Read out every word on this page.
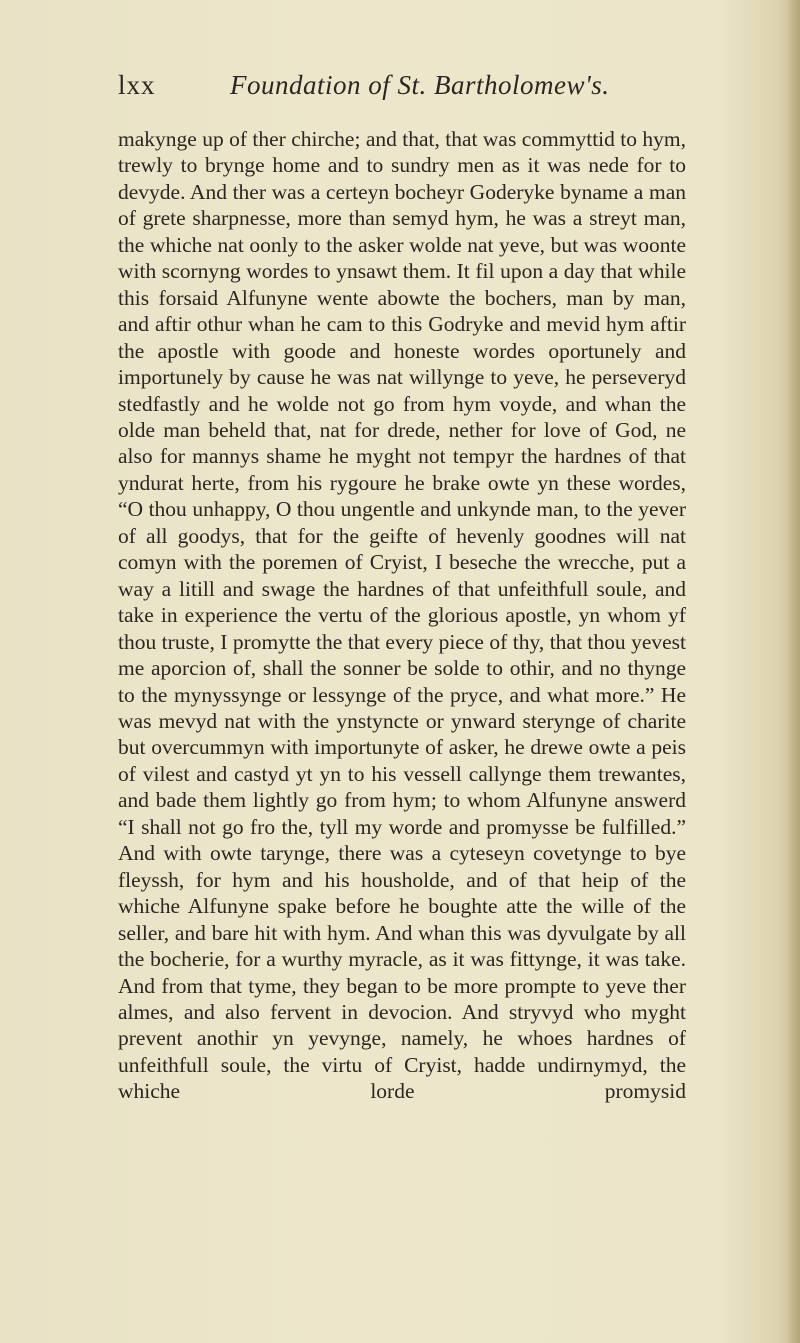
lxx	Foundation of St. Bartholomew's.

makynge up of ther chirche; and that, that was commyttid to hym, trewly to brynge home and to sundry men as it was nede for to devyde. And ther was a certeyn bocheyr Goderyke byname a man of grete sharpnesse, more than semyd hym, he was a streyt man, the whiche nat oonly to the asker wolde nat yeve, but was woonte with scornyng wordes to ynsawt them. It fil upon a day that while this forsaid Alfunyne wente abowte the bochers, man by man, and aftir othur whan he cam to this Godryke and mevid hym aftir the apostle with goode and honeste wordes oportunely and importunely by cause he was nat willynge to yeve, he perseveryd stedfastly and he wolde not go from hym voyde, and whan the olde man beheld that, nat for drede, nether for love of God, ne also for mannys shame he myght not tempyr the hardnes of that yndurat herte, from his rygoure he brake owte yn these wordes, “O thou unhappy, O thou ungentle and unkynde man, to the yever of all goodys, that for the geifte of hevenly goodnes will nat comyn with the poremen of Cryist, I beseche the wrecche, put a way a litill and swage the hardnes of that unfeithfull soule, and take in experience the vertu of the glorious apostle, yn whom yf thou truste, I promytte the that every piece of thy, that thou yevest me aporcion of, shall the sonner be solde to othir, and no thynge to the mynyssynge or lessynge of the pryce, and what more.” He was mevyd nat with the ynstyncte or ynward sterynge of charite but overcummyn with importunyte of asker, he drewe owte a peis of vilest and castyd yt yn to his vessell callynge them trewantes, and bade them lightly go from hym; to whom Alfunyne answerd “I shall not go fro the, tyll my worde and promysse be fulfilled.” And with owte tarynge, there was a cyteseyn covetynge to bye fleyssh, for hym and his housholde, and of that heip of the whiche Alfunyne spake before he boughte atte the wille of the seller, and bare hit with hym. And whan this was dyvulgate by all the bocherie, for a wurthy myracle, as it was fittynge, it was take. And from that tyme, they began to be more prompte to yeve ther almes, and also fervent in devocion. And stryvyd who myght prevent anothir yn yevynge, namely, he whoes hardnes of unfeithfull soule, the virtu of Cryist, hadde undirnymyd, the whiche lorde promysid
